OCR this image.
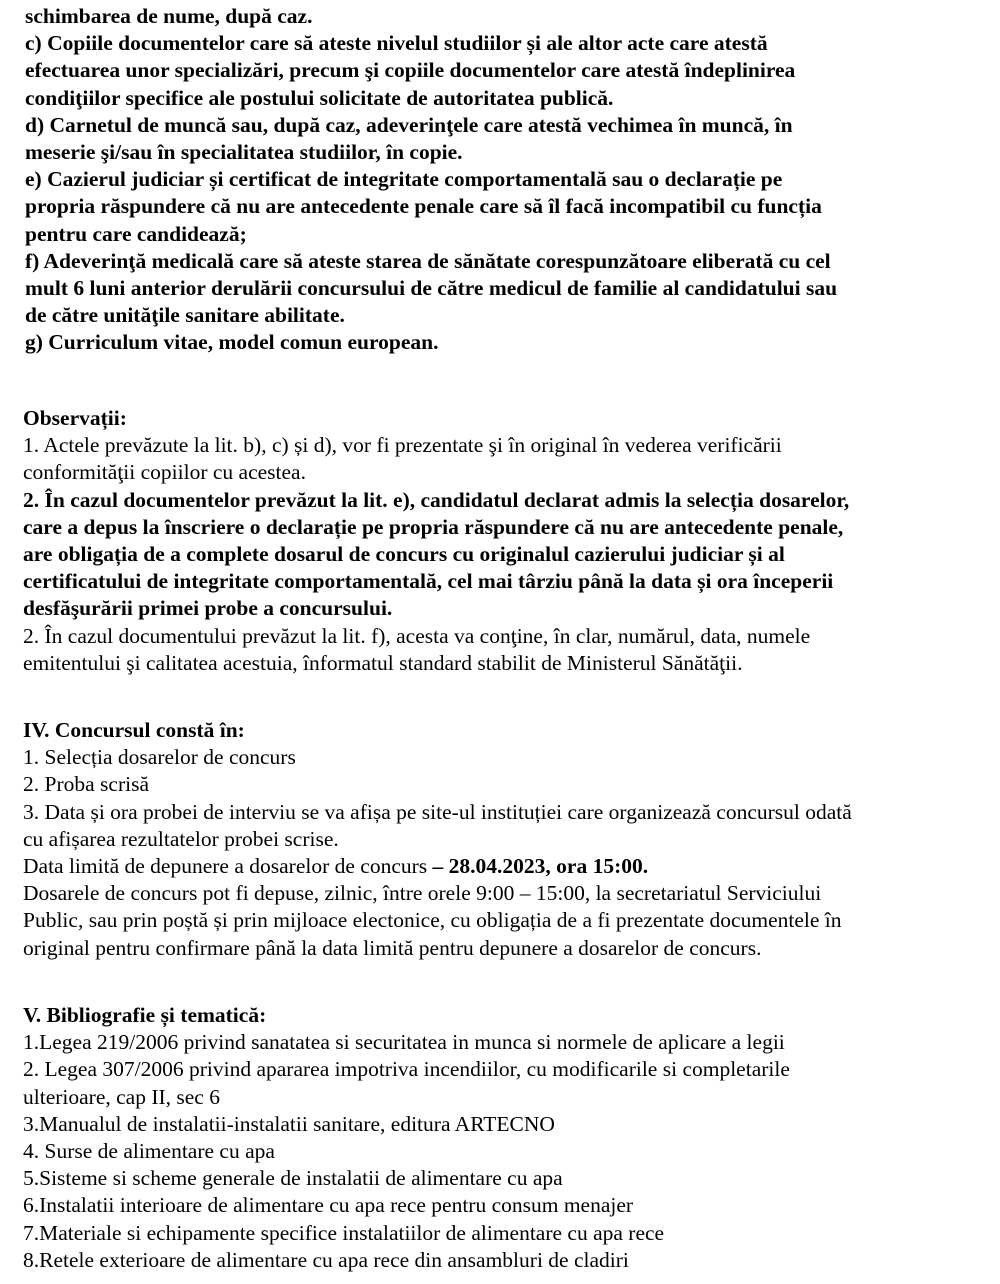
schimbarea de nume, după caz.
c) Copiile documentelor care să ateste nivelul studiilor și ale altor acte care atestă
efectuarea unor specializări, precum şi copiile documentelor care atestă îndeplinirea
condiţiilor specifice ale postului solicitate de autoritatea publică.
d) Carnetul de muncă sau, după caz, adeverinţele care atestă vechimea în muncă, în
meserie şi/sau în specialitatea studiilor, în copie.
e) Cazierul judiciar și certificat de integritate comportamentală sau o declarație pe
propria răspundere că nu are antecedente penale care să îl facă incompatibil cu funcția
pentru care candidează;
f) Adeverinţă medicală care să ateste starea de sănătate corespunzătoare eliberată cu cel
mult 6 luni anterior derulării concursului de către medicul de familie al candidatului sau
de către unităţile sanitare abilitate.
g) Curriculum vitae, model comun european.
Observații:
1. Actele prevăzute la lit. b), c) și d), vor fi prezentate şi în original în vederea verificării
conformităţii copiilor cu acestea.
2. În cazul documentelor prevăzut la lit. e), candidatul declarat admis la selecția dosarelor,
care a depus la înscriere o declarație pe propria răspundere că nu are antecedente penale,
are obligația de a complete dosarul de concurs cu originalul cazierului judiciar și al
certificatului de integritate comportamentală, cel mai târziu până la data și ora începerii
desfăşurării primei probe a concursului.
2. În cazul documentului prevăzut la lit. f), acesta va conţine, în clar, numărul, data, numele
emitentului şi calitatea acestuia, înformatul standard stabilit de Ministerul Sănătăţii.
IV. Concursul constă în:
1. Selecția dosarelor de concurs
2. Proba scrisă
3. Data și ora probei de interviu se va afișa pe site-ul instituției care organizează concursul odată
cu afișarea rezultatelor probei scrise.
Data limită de depunere a dosarelor de concurs – 28.04.2023, ora 15:00.
Dosarele de concurs pot fi depuse, zilnic, între orele 9:00 – 15:00, la secretariatul Serviciului
Public, sau prin poștă și prin mijloace electonice, cu obligația de a fi prezentate documentele în
original pentru confirmare până la data limită pentru depunere a dosarelor de concurs.
V. Bibliografie și tematică:
1.Legea 219/2006 privind sanatatea si securitatea in munca si normele de aplicare a legii
2. Legea 307/2006 privind apararea impotriva incendiilor, cu modificarile si completarile
ulterioare, cap II, sec 6
3.Manualul de instalatii-instalatii sanitare, editura ARTECNO
4. Surse de alimentare cu apa
5.Sisteme si scheme generale de instalatii de alimentare cu apa
6.Instalatii interioare de alimentare cu apa rece pentru consum menajer
7.Materiale si echipamente specifice instalatiilor de alimentare cu apa rece
8.Retele exterioare de alimentare cu apa rece din ansambluri de cladiri
